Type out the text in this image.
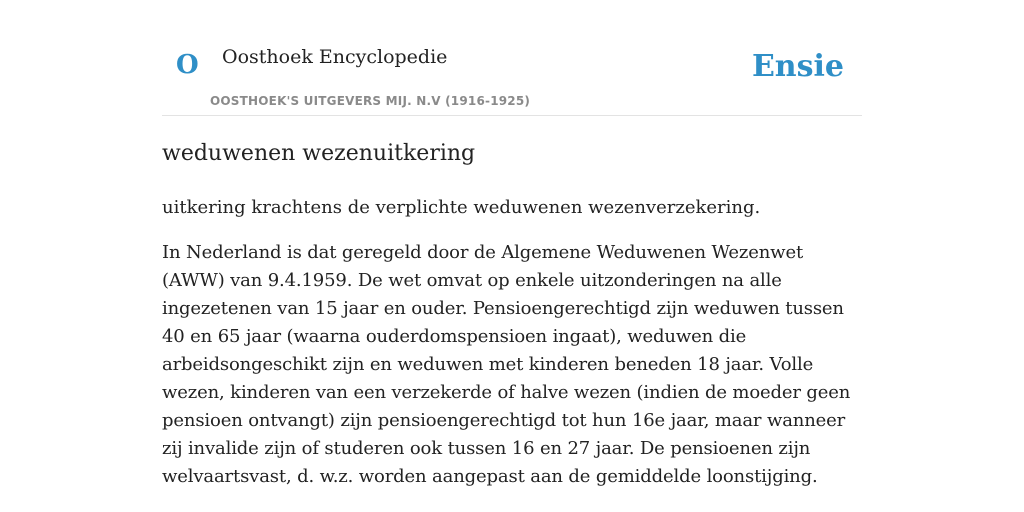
O Oosthoek Encyclopedie
OOSTHOEK'S UITGEVERS MIJ. N.V (1916-1925)
Ensie
weduwenen wezenuitkering

uitkering krachtens de verplichte weduwenen wezenverzekering.

In Nederland is dat geregeld door de Algemene Weduwenen Wezenwet (AWW) van 9.4.1959. De wet omvat op enkele uitzonderingen na alle ingezetenen van 15 jaar en ouder. Pensioengerechtigd zijn weduwen tussen 40 en 65 jaar (waarna ouderdomspensioen ingaat), weduwen die arbeidsongeschikt zijn en weduwen met kinderen beneden 18 jaar. Volle wezen, kinderen van een verzekerde of halve wezen (indien de moeder geen pensioen ontvangt) zijn pensioengerechtigd tot hun 16e jaar, maar wanneer zij invalide zijn of studeren ook tussen 16 en 27 jaar. De pensioenen zijn welvaartsvast, d. w.z. worden aangepast aan de gemiddelde loonstijging.
